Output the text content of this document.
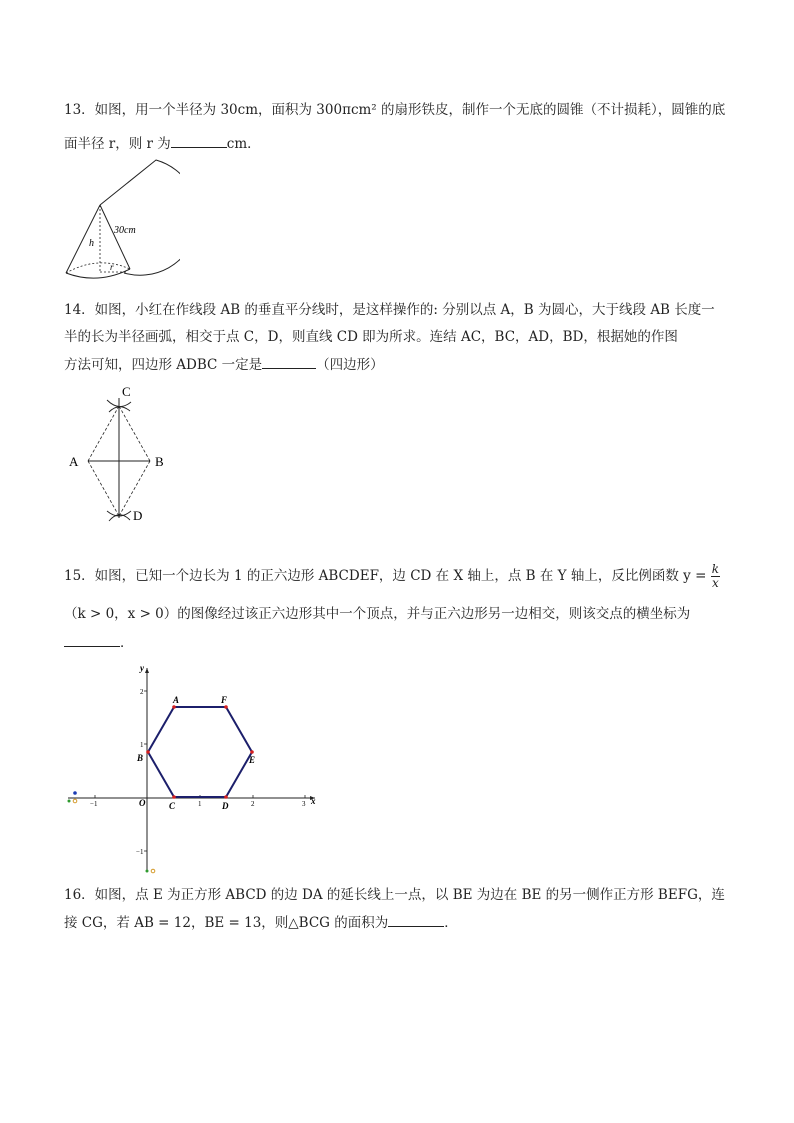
13．如图，用一个半径为 30cm，面积为 300πcm² 的扇形铁皮，制作一个无底的圆锥（不计损耗），圆锥的底
面半径 r，则 r 为	cm．
30cm
h
r
14．如图，小红在作线段 AB 的垂直平分线时，是这样操作的: 分别以点 A，B 为圆心，大于线段 AB 长度一
半的长为半径画弧，相交于点 C，D，则直线 CD 即为所求。连结 AC，BC，AD，BD，根据她的作图
方法可知，四边形 ADBC 一定是	（四边形）
C
A	B
D
15．如图，已知一个边长为 1 的正六边形 ABCDEF，边 CD 在 X 轴上，点 B 在 Y 轴上，反比例函数 $y = \frac{k}{x}$
（k > 0，x > 0）的图像经过该正六边形其中一个顶点，并与正六边形另一边相交，则该交点的横坐标为
．
y
x
2
1
−1
−1	1	2	3
O
A	F
B	E
C	D
16．如图，点 E 为正方形 ABCD 的边 DA 的延长线上一点，以 BE 为边在 BE 的另一侧作正方形 BEFG，连
接 CG，若 AB = 12，BE = 13，则△BCG 的面积为	．
